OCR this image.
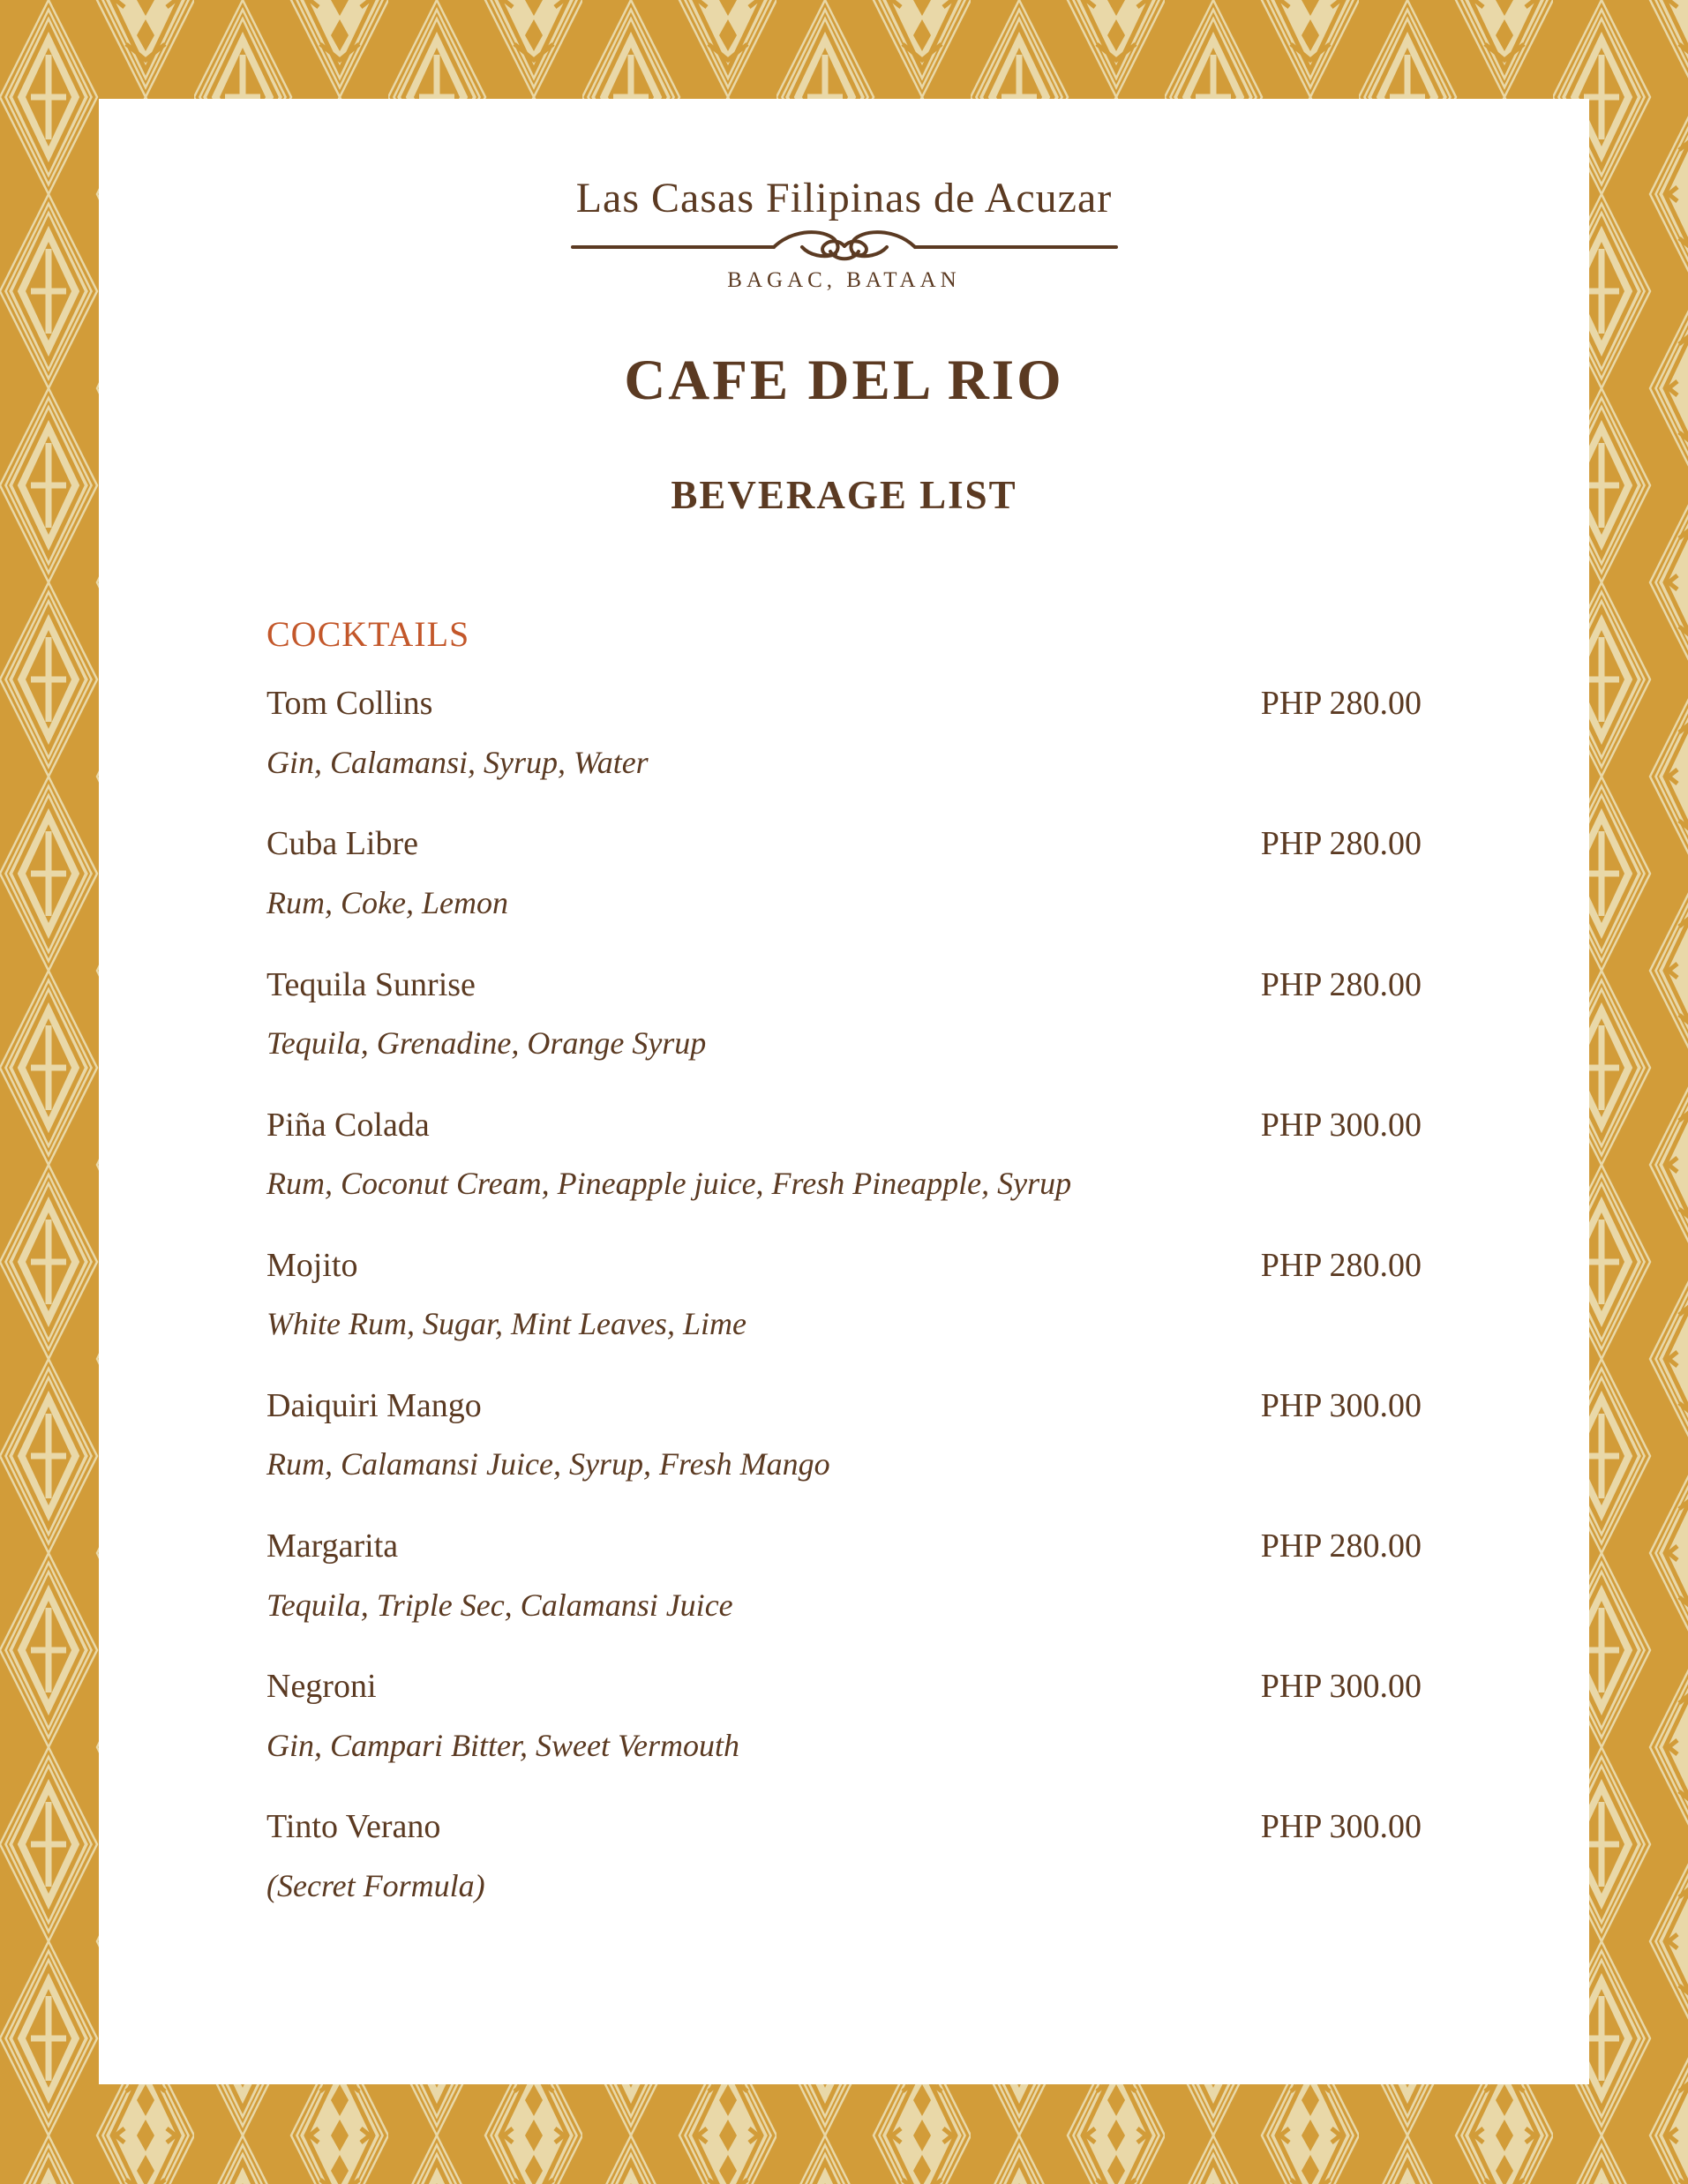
Las Casas Filipinas de Acuzar
BAGAC, BATAAN
CAFE DEL RIO
BEVERAGE LIST
COCKTAILS
Tom Collins	PHP 280.00
Gin, Calamansi, Syrup, Water
Cuba Libre	PHP 280.00
Rum, Coke, Lemon
Tequila Sunrise	PHP 280.00
Tequila, Grenadine, Orange Syrup
Piña Colada	PHP 300.00
Rum, Coconut Cream, Pineapple juice, Fresh Pineapple, Syrup
Mojito	PHP 280.00
White Rum, Sugar, Mint Leaves, Lime
Daiquiri Mango	PHP 300.00
Rum, Calamansi Juice, Syrup, Fresh Mango
Margarita	PHP 280.00
Tequila, Triple Sec, Calamansi Juice
Negroni	PHP 300.00
Gin, Campari Bitter, Sweet Vermouth
Tinto Verano	PHP 300.00
(Secret Formula)
